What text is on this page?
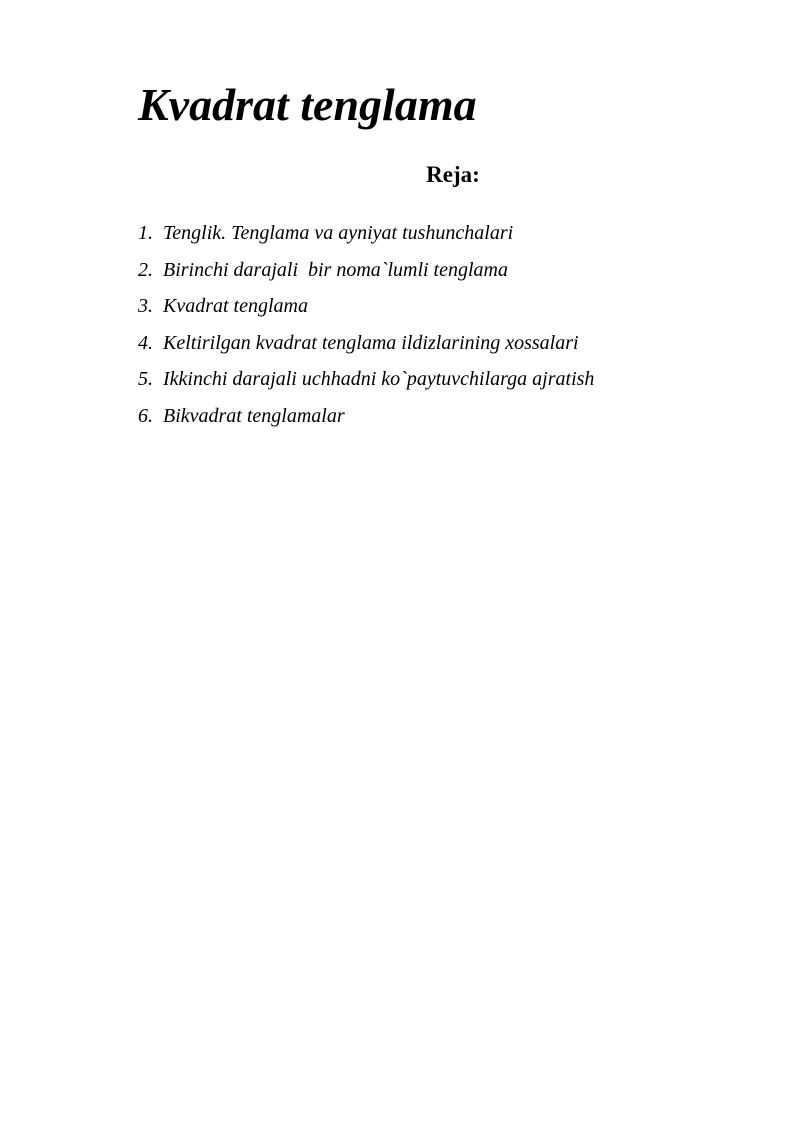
Kvadrat tenglama
Reja:
1. Tenglik. Tenglama va ayniyat tushunchalari
2. Birinchi darajali  bir noma`lumli tenglama
3. Kvadrat tenglama
4. Keltirilgan kvadrat tenglama ildizlarining xossalari
5. Ikkinchi darajali uchhadni ko`paytuvchilarga ajratish
6. Bikvadrat tenglamalar
